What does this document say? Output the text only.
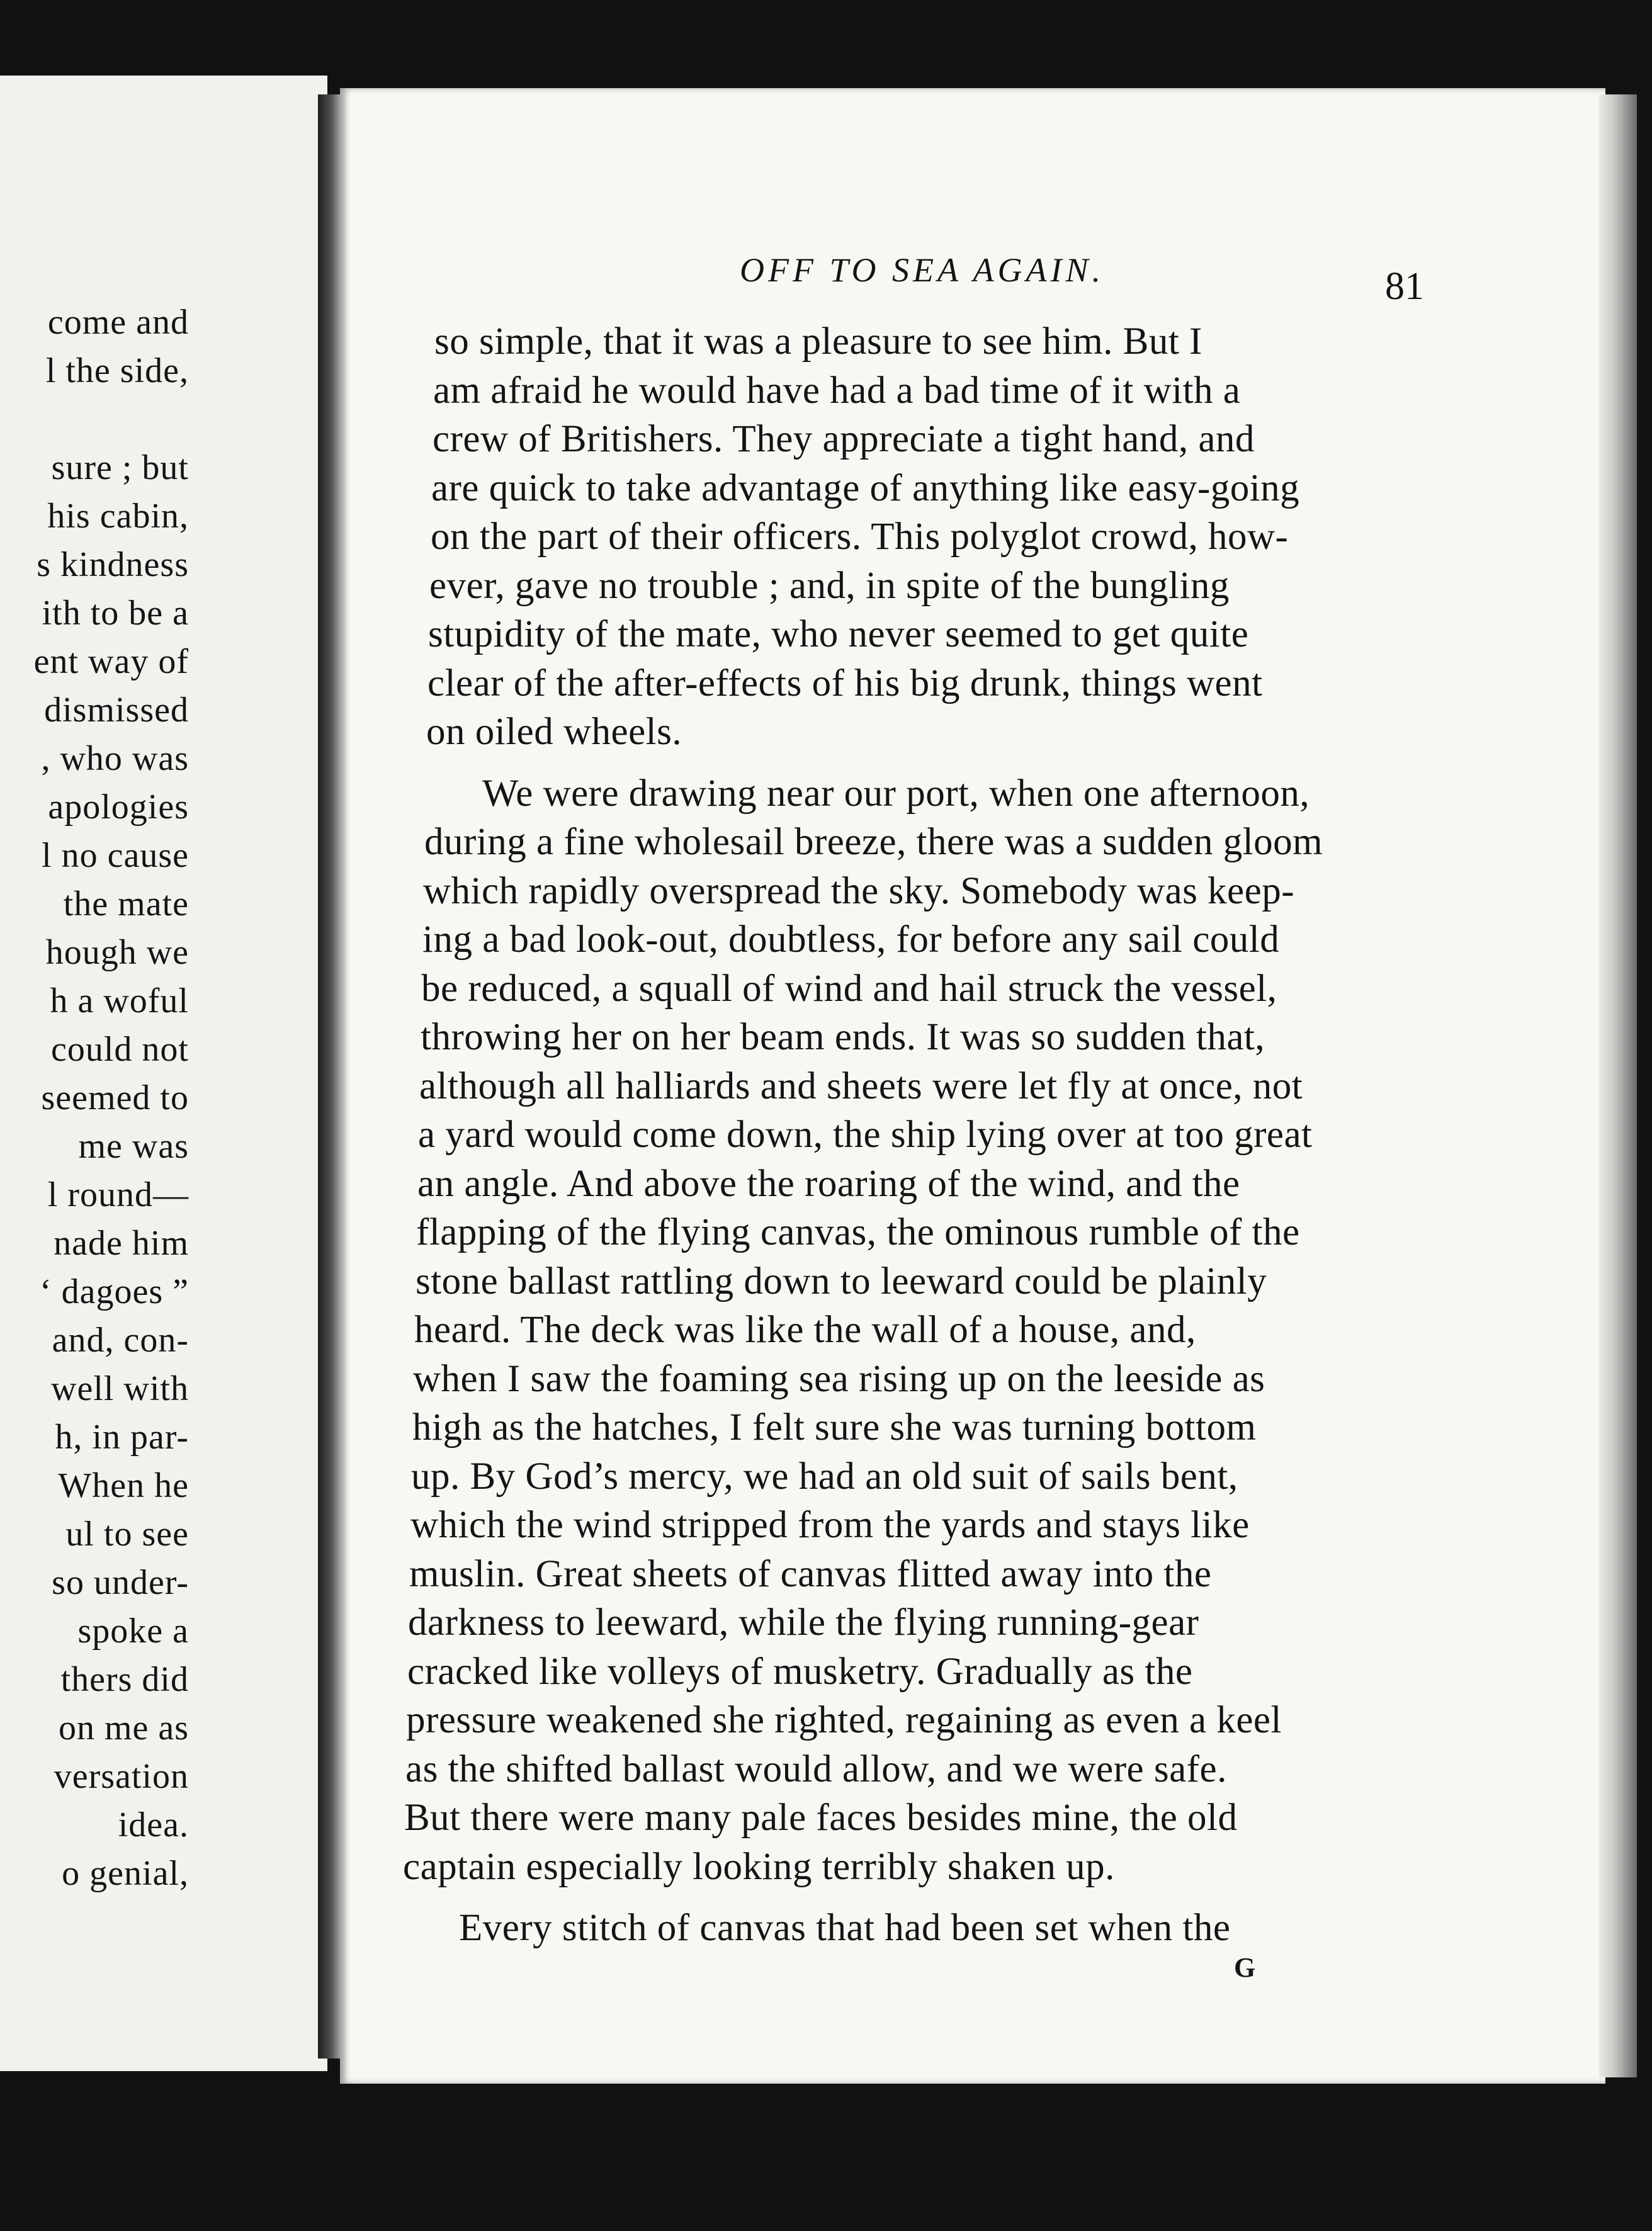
come and
l the side,
sure ; but
his cabin,
s kindness
ith to be a
ent way of
dismissed
, who was
apologies
l no cause
the mate
hough we
h a woful
could not
seemed to
me was
l round—
nade him
‘ dagoes ”
and, con-
well with
h, in par-
When he
ul to see
so under-
spoke a
thers did
on me as
versation
idea.
o genial,
OFF TO SEA AGAIN.	81
so simple, that it was a pleasure to see him. But I
am afraid he would have had a bad time of it with a
crew of Britishers. They appreciate a tight hand, and
are quick to take advantage of anything like easy-going
on the part of their officers. This polyglot crowd, how-
ever, gave no trouble ; and, in spite of the bungling
stupidity of the mate, who never seemed to get quite
clear of the after-effects of his big drunk, things went
on oiled wheels.
We were drawing near our port, when one afternoon,
during a fine wholesail breeze, there was a sudden gloom
which rapidly overspread the sky. Somebody was keep-
ing a bad look-out, doubtless, for before any sail could
be reduced, a squall of wind and hail struck the vessel,
throwing her on her beam ends. It was so sudden that,
although all halliards and sheets were let fly at once, not
a yard would come down, the ship lying over at too great
an angle. And above the roaring of the wind, and the
flapping of the flying canvas, the ominous rumble of the
stone ballast rattling down to leeward could be plainly
heard. The deck was like the wall of a house, and,
when I saw the foaming sea rising up on the leeside as
high as the hatches, I felt sure she was turning bottom
up. By God’s mercy, we had an old suit of sails bent,
which the wind stripped from the yards and stays like
muslin. Great sheets of canvas flitted away into the
darkness to leeward, while the flying running-gear
cracked like volleys of musketry. Gradually as the
pressure weakened she righted, regaining as even a keel
as the shifted ballast would allow, and we were safe.
But there were many pale faces besides mine, the old
captain especially looking terribly shaken up.
Every stitch of canvas that had been set when the
G
